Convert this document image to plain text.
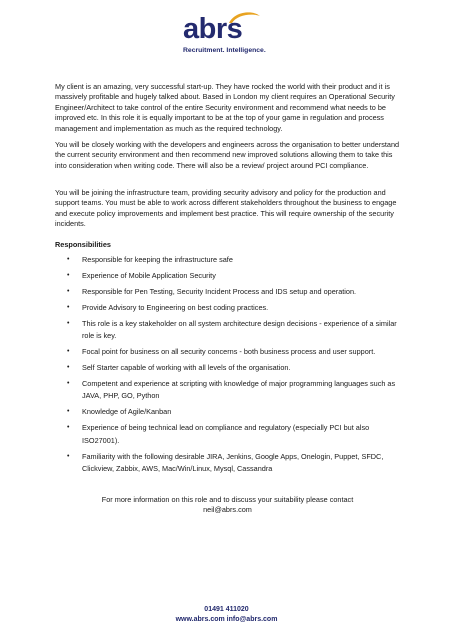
abrs
Recruitment. Intelligence.
My client is an amazing, very successful start-up. They have rocked the world with their product and it is massively profitable and hugely talked about. Based in London my client requires an Operational Security Engineer/Architect to take control of the entire Security environment and recommend what needs to be improved etc. In this role it is equally important to be at the top of your game in regulation and process management and implementation as much as the required technology.
You will be closely working with the developers and engineers across the organisation to better understand the current security environment and then recommend new improved solutions allowing them to take this into consideration when writing code. There will also be a review/ project around PCI compliance.
You will be joining the infrastructure team, providing security advisory and policy for the production and support teams. You must be able to work across different stakeholders throughout the business to engage and execute policy improvements and implement best practice. This will require ownership of the security incidents.
Responsibilities
• Responsible for keeping the infrastructure safe
• Experience of Mobile Application Security
• Responsible for Pen Testing, Security Incident Process and IDS setup and operation.
• Provide Advisory to Engineering on best coding practices.
• This role is a key stakeholder on all system architecture design decisions - experience of a similar role is key.
• Focal point for business on all security concerns - both business process and user support.
• Self Starter capable of working with all levels of the organisation.
• Competent and experience at scripting with knowledge of major programming languages such as JAVA, PHP, GO, Python
• Knowledge of Agile/Kanban
• Experience of being technical lead on compliance and regulatory (especially PCI but also ISO27001).
• Familiarity with the following desirable JIRA, Jenkins, Google Apps, Onelogin, Puppet, SFDC, Clickview, Zabbix, AWS, Mac/Win/Linux, Mysql, Cassandra
For more information on this role and to discuss your suitability please contact
neil@abrs.com
01491 411020
www.abrs.com info@abrs.com
